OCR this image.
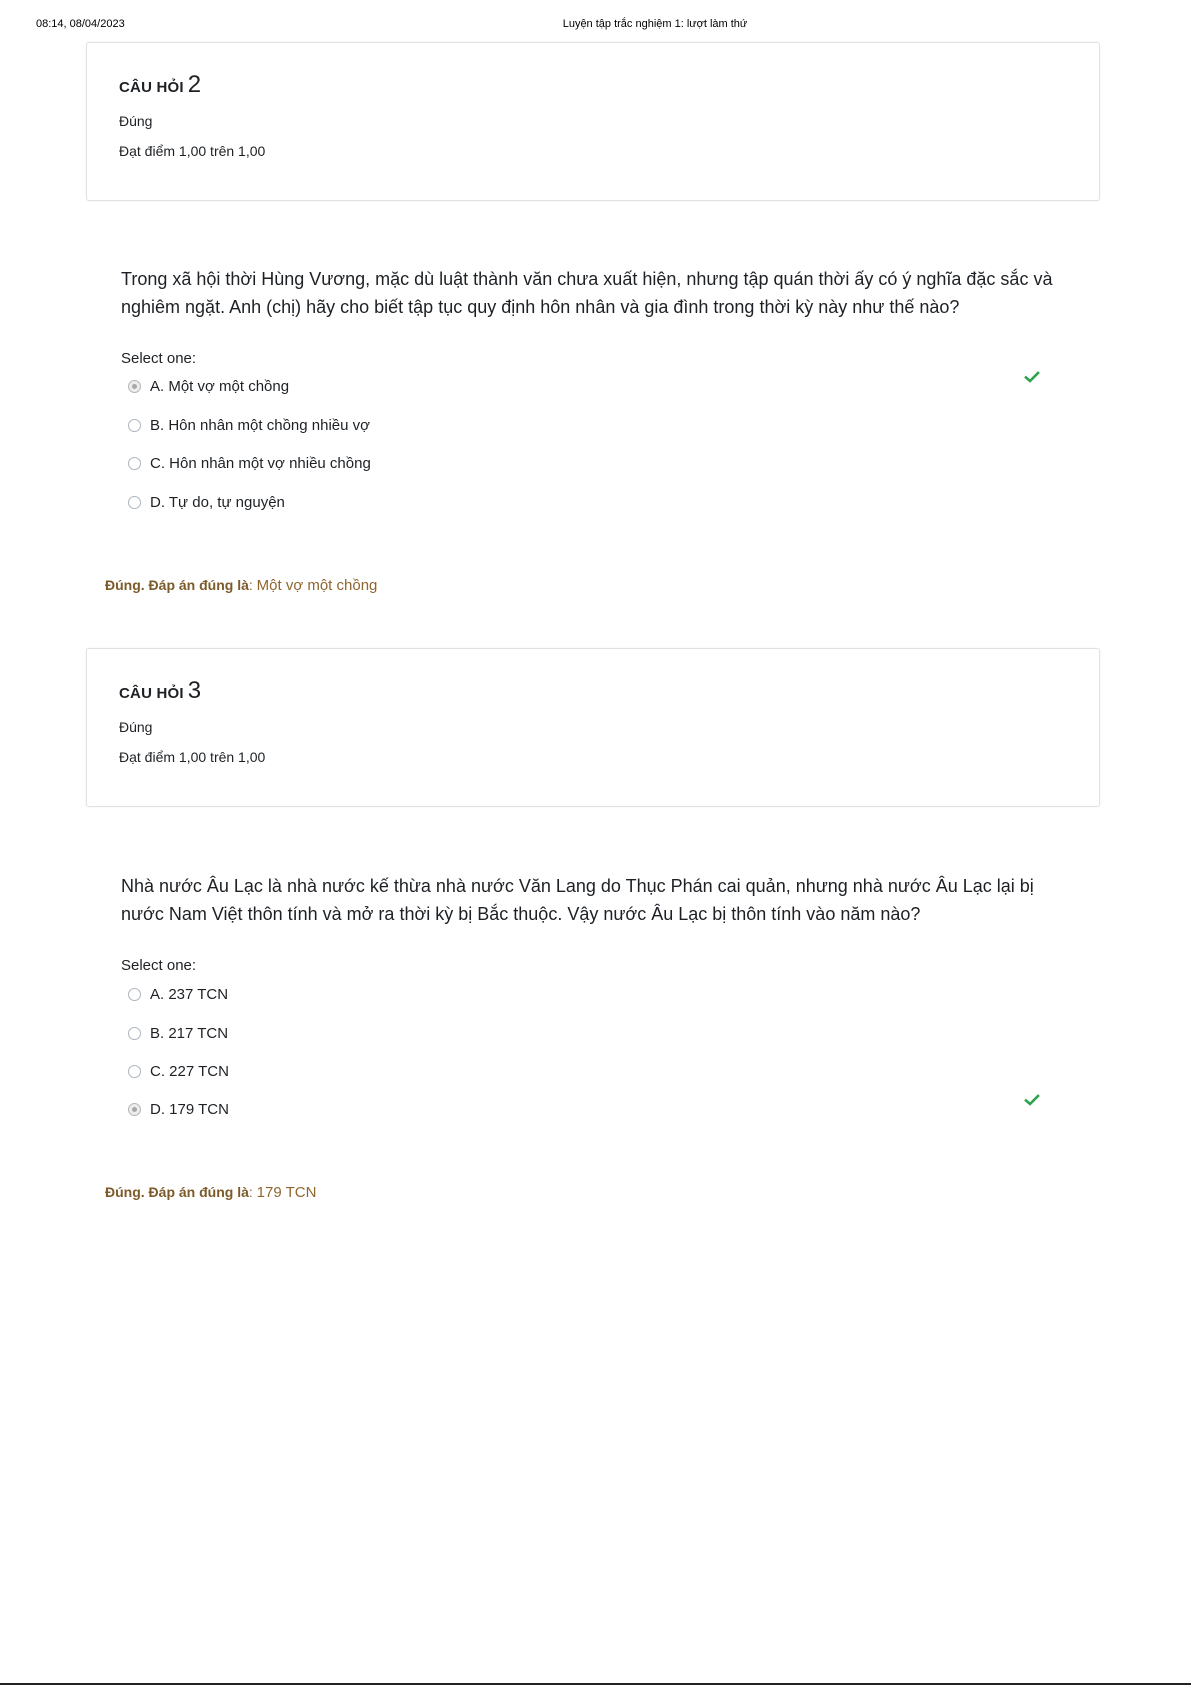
08:14, 08/04/2023	Luyện tập trắc nghiệm 1: lượt làm thứ
CÂU HỎI 2
Đúng
Đạt điểm 1,00 trên 1,00
Trong xã hội thời Hùng Vương, mặc dù luật thành văn chưa xuất hiện, nhưng tập quán thời ấy có ý nghĩa đặc sắc và nghiêm ngặt. Anh (chị) hãy cho biết tập tục quy định hôn nhân và gia đình trong thời kỳ này như thế nào?
Select one:
A. Một vợ một chồng
B. Hôn nhân một chồng nhiều vợ
C. Hôn nhân một vợ nhiều chồng
D. Tự do, tự nguyện
Đúng. Đáp án đúng là: Một vợ một chồng
CÂU HỎI 3
Đúng
Đạt điểm 1,00 trên 1,00
Nhà nước Âu Lạc là nhà nước kế thừa nhà nước Văn Lang do Thục Phán cai quản, nhưng nhà nước Âu Lạc lại bị nước Nam Việt thôn tính và mở ra thời kỳ bị Bắc thuộc. Vậy nước Âu Lạc bị thôn tính vào năm nào?
Select one:
A. 237 TCN
B. 217 TCN
C. 227 TCN
D. 179 TCN
Đúng. Đáp án đúng là: 179 TCN
